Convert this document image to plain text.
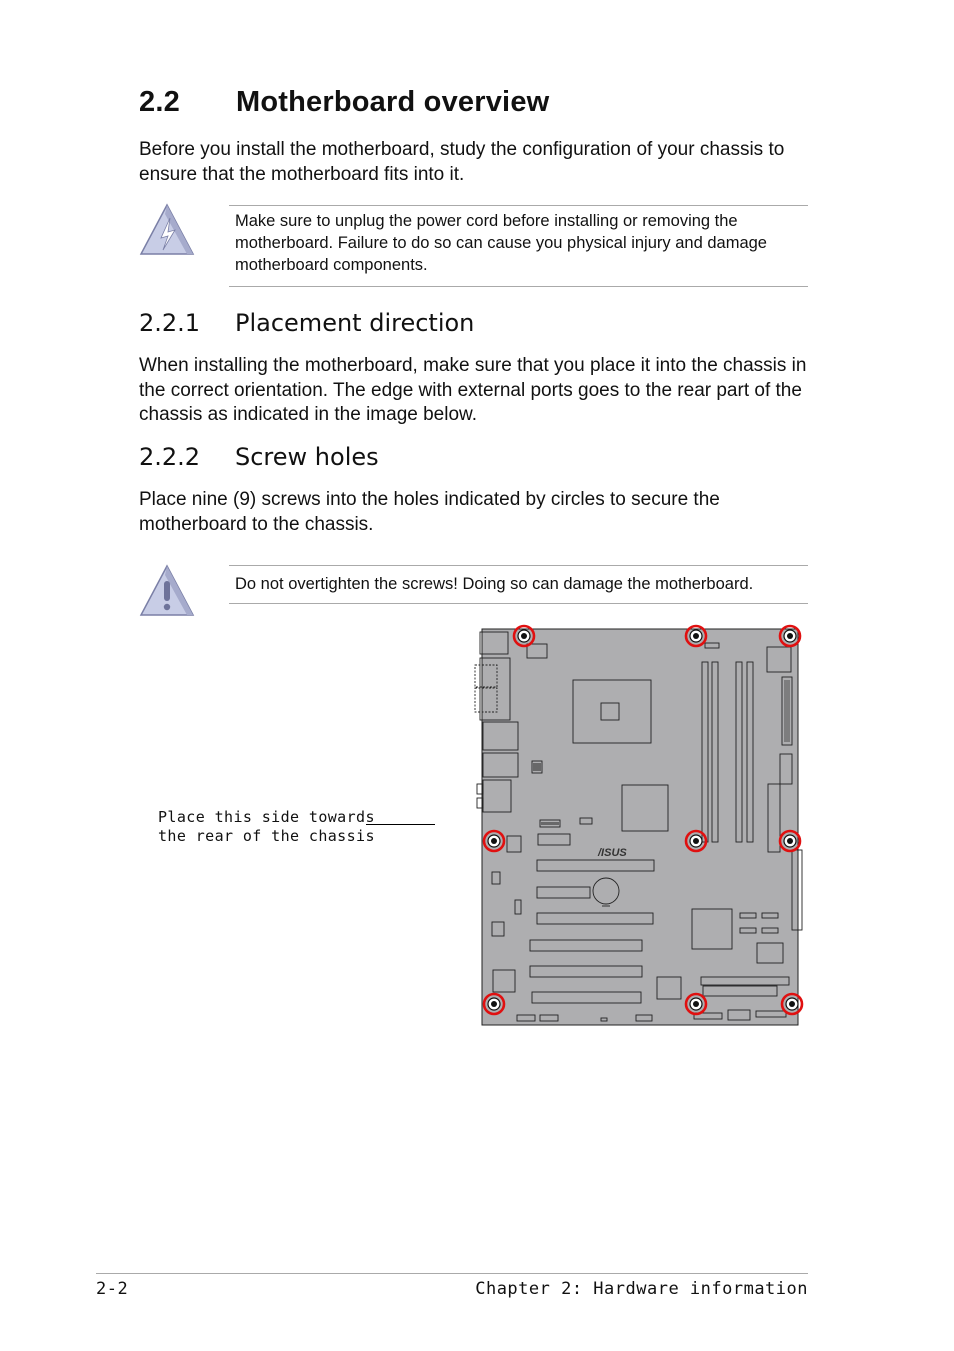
2.2 Motherboard overview

Before you install the motherboard, study the configuration of your chassis to ensure that the motherboard fits into it.

Make sure to unplug the power cord before installing or removing the motherboard. Failure to do so can cause you physical injury and damage motherboard components.
2.2.1 Placement direction

When installing the motherboard, make sure that you place it into the chassis in the correct orientation. The edge with external ports goes to the rear part of the chassis as indicated in the image below.

2.2.2 Screw holes

Place nine (9) screws into the holes indicated by circles to secure the motherboard to the chassis.

Do not overtighten the screws! Doing so can damage the motherboard.
Place this side towards
the rear of the chassis
/ISUS
2-2	Chapter 2: Hardware information
